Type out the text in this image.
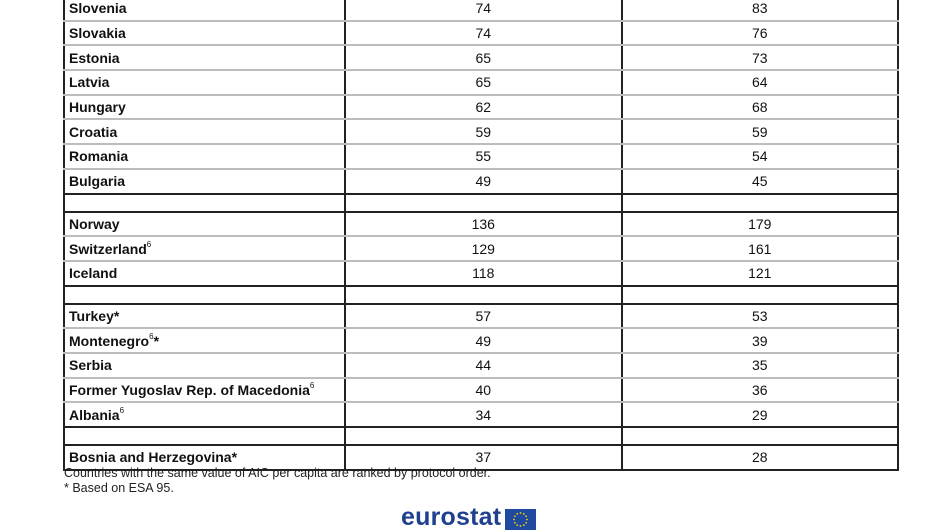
Slovenia	74	83
Slovakia	74	76
Estonia	65	73
Latvia	65	64
Hungary	62	68
Croatia	59	59
Romania	55	54
Bulgaria	49	45

Norway	136	179
Switzerland$^6$	129	161
Iceland	118	121

Turkey*	57	53
Montenegro$^6$*	49	39
Serbia	44	35
Former Yugoslav Rep. of Macedonia$^6$	40	36
Albania$^6$	34	29

Bosnia and Herzegovina*	37	28
Countries with the same value of AIC per capita are ranked by protocol order.
* Based on ESA 95.
eurostat
